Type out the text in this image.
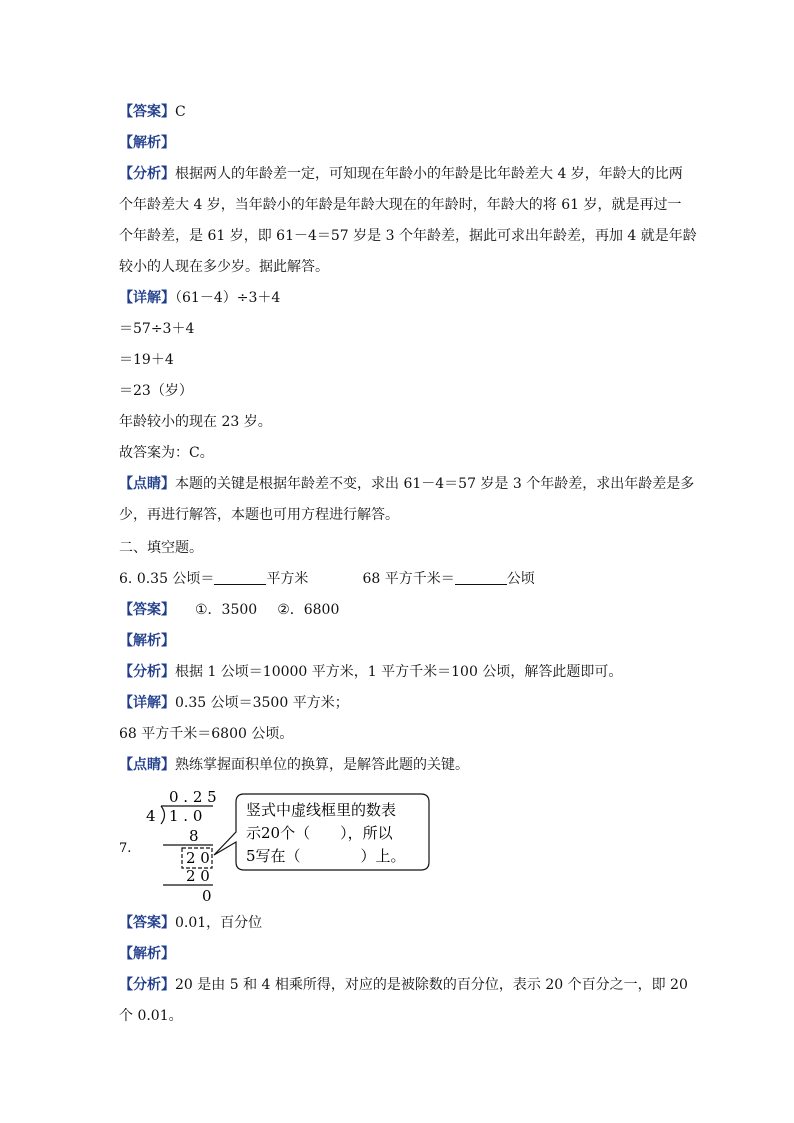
【答案】C
【解析】
【分析】根据两人的年龄差一定，可知现在年龄小的年龄是比年龄差大 4 岁，年龄大的比两
个年龄差大 4 岁，当年龄小的年龄是年龄大现在的年龄时，年龄大的将 61 岁，就是再过一
个年龄差，是 61 岁，即 61－4＝57 岁是 3 个年龄差，据此可求出年龄差，再加 4 就是年龄
较小的人现在多少岁。据此解答。
【详解】（61－4）÷3＋4
＝57÷3＋4
＝19＋4
＝23（岁）
年龄较小的现在 23 岁。
故答案为：C。
【点睛】本题的关键是根据年龄差不变，求出 61－4＝57 岁是 3 个年龄差，求出年龄差是多
少，再进行解答，本题也可用方程进行解答。
二、填空题。
6. 0.35 公顷＝	平方米	68 平方千米＝	公顷
【答案】 ①．3500 ②．6800
【解析】
【分析】根据 1 公顷＝10000 平方米，1 平方千米＝100 公顷，解答此题即可。
【详解】0.35 公顷＝3500 平方米；
68 平方千米＝6800 公顷。
【点睛】熟练掌握面积单位的换算，是解答此题的关键。
7.
0 . 2 5
4 1 . 0
8
2 0
2 0
0
竖式中虚线框里的数表
示20个（　　），所以
5写在（　　　　）上。
【答案】0.01，百分位
【解析】
【分析】20 是由 5 和 4 相乘所得，对应的是被除数的百分位，表示 20 个百分之一，即 20
个 0.01。
